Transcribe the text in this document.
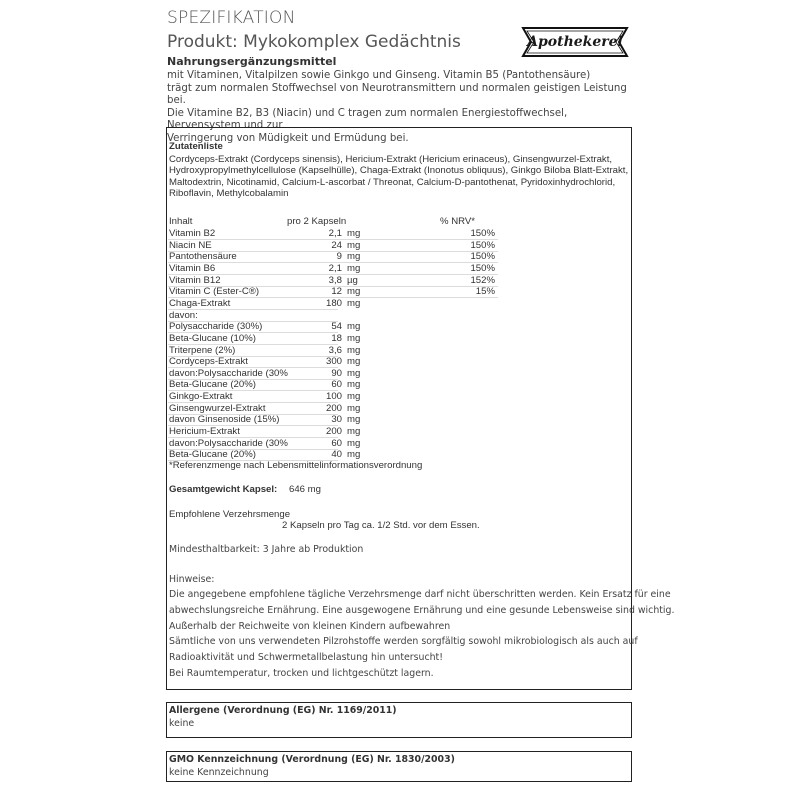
SPEZIFIKATION
Produkt: Mykokomplex Gedächtnis
Nahrungsergänzungsmittel
mit Vitaminen, Vitalpilzen sowie Ginkgo und Ginseng. Vitamin B5 (Pantothensäure)
trägt zum normalen Stoffwechsel von Neurotransmittern und normalen geistigen Leistung bei.
Die Vitamine B2, B3 (Niacin) und C tragen zum normalen Energiestoffwechsel, Nervensystem und zur
Verringerung von Müdigkeit und Ermüdung bei.
Apothekerei
Zutatenliste
Cordyceps-Extrakt (Cordyceps sinensis), Hericium-Extrakt (Hericium erinaceus), Ginsengwurzel-Extrakt,
Hydroxypropylmethylcellulose (Kapselhülle), Chaga-Extrakt (Inonotus obliquus), Ginkgo Biloba Blatt-Extrakt,
Maltodextrin, Nicotinamid, Calcium-L-ascorbat / Threonat, Calcium-D-pantothenat, Pyridoxinhydrochlorid,
Riboflavin, Methylcobalamin
Inhalt	pro 2 Kapseln	% NRV*
Vitamin B2	2,1 mg	150%
Niacin NE	24 mg	150%
Pantothensäure	9 mg	150%
Vitamin B6	2,1 mg	150%
Vitamin B12	3,8 µg	152%
Vitamin C (Ester-C®)	12 mg	15%
Chaga-Extrakt	180 mg
davon:
Polysaccharide (30%)	54 mg
Beta-Glucane (10%)	18 mg
Triterpene (2%)	3,6 mg
Cordyceps-Extrakt	300 mg
davon:Polysaccharide (30%	90 mg
Beta-Glucane (20%)	60 mg
Ginkgo-Extrakt	100 mg
Ginsengwurzel-Extrakt	200 mg
davon Ginsenoside (15%)	30 mg
Hericium-Extrakt	200 mg
davon:Polysaccharide (30%	60 mg
Beta-Glucane (20%)	40 mg
*Referenzmenge nach Lebensmittelinformationsverordnung
Gesamtgewicht Kapsel: 646 mg
Empfohlene Verzehrsmenge
2 Kapseln pro Tag ca. 1/2 Std. vor dem Essen.
Mindesthaltbarkeit: 3 Jahre ab Produktion
Hinweise:
Die angegebene empfohlene tägliche Verzehrsmenge darf nicht überschritten werden. Kein Ersatz für eine
abwechslungsreiche Ernährung. Eine ausgewogene Ernährung und eine gesunde Lebensweise sind wichtig.
Außerhalb der Reichweite von kleinen Kindern aufbewahren
Sämtliche von uns verwendeten Pilzrohstoffe werden sorgfältig sowohl mikrobiologisch als auch auf
Radioaktivität und Schwermetallbelastung hin untersucht!
Bei Raumtemperatur, trocken und lichtgeschützt lagern.
Allergene (Verordnung (EG) Nr. 1169/2011)
keine
GMO Kennzeichnung (Verordnung (EG) Nr. 1830/2003)
keine Kennzeichnung
